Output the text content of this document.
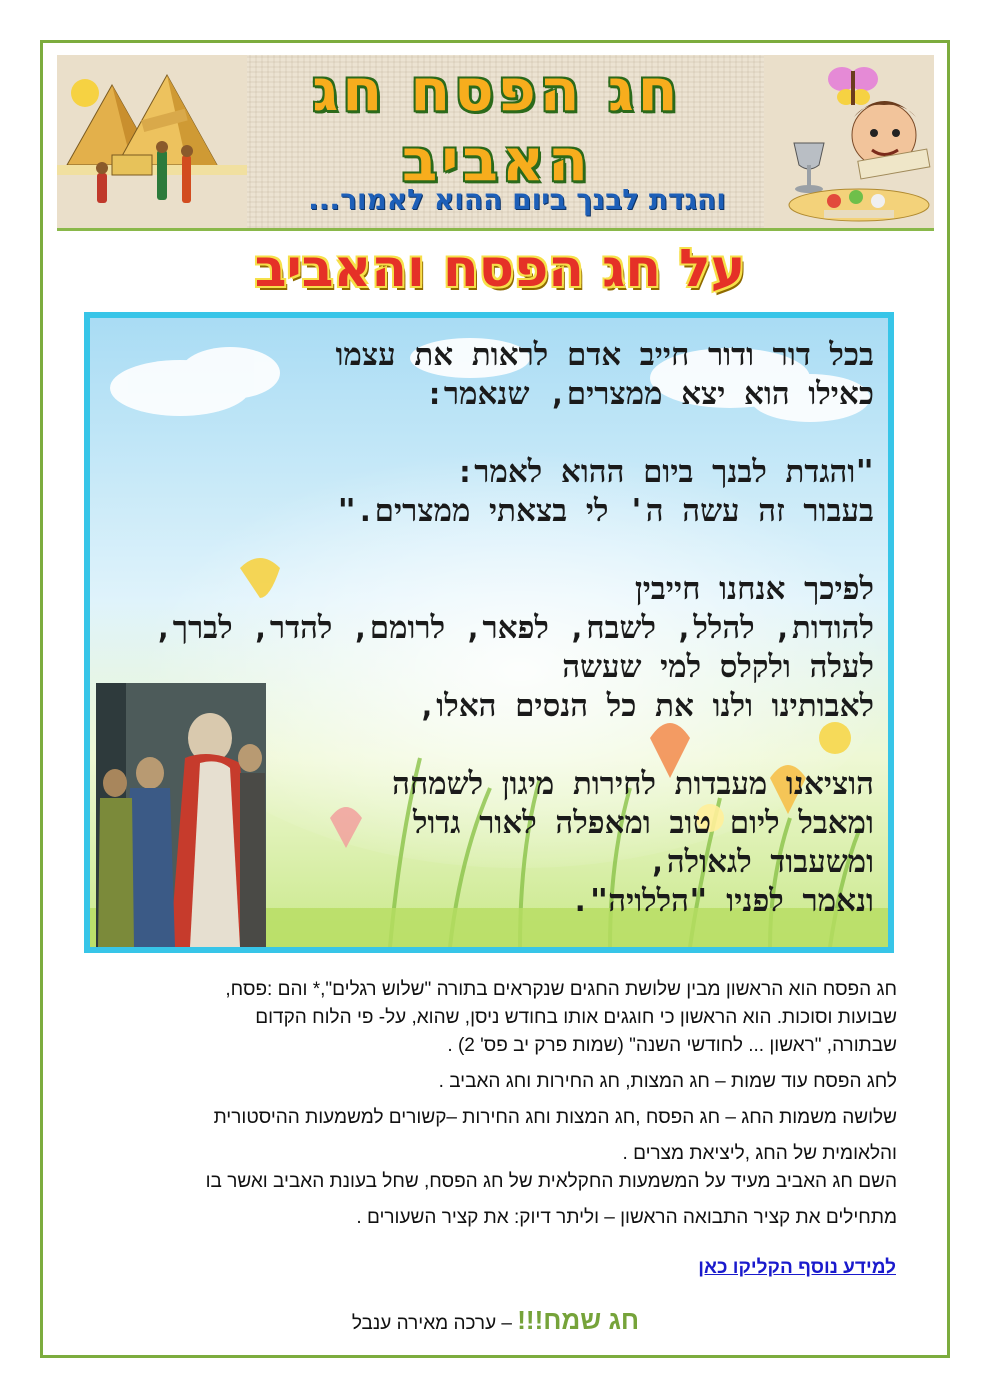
חג הפסח חג האביב
והגדת לבנך ביום ההוא לאמור...
על חג הפסח והאביב
בכל דור ודור חייב אדם לראות את עצמו
כאילו הוא יצא ממצרים, שנאמר:
"והגדת לבנך ביום ההוא לאמר:
בעבור זה עשה ה' לי בצאתי ממצרים."
לפיכך אנחנו חייבין
להודות, להלל, לשבח, לפאר, לרומם, להדר, לברך,
לעלה ולקלס למי שעשה
לאבותינו ולנו את כל הנסים האלו,
הוציאנו מעבדות לחירות מיגון לשמחה
ומאבל ליום טוב ומאפלה לאור גדול
ומשעבוד לגאולה,
ונאמר לפניו "הללויה".
חג הפסח הוא הראשון מבין שלושת החגים שנקראים בתורה "שלוש רגלים",* והם :פסח,
שבועות וסוכות. הוא הראשון כי חוגגים אותו בחודש ניסן, שהוא, על- פי הלוח הקדום
שבתורה, "ראשון ... לחודשי השנה" (שמות פרק יב פס' 2) .
לחג הפסח עוד שמות – חג המצות, חג החירות וחג האביב .
שלושה משמות החג – חג הפסח ,חג המצות וחג החירות –קשורים למשמעות ההיסטורית
והלאומית של החג ,ליציאת מצרים .
השם חג האביב מעיד על המשמעות החקלאית של חג הפסח, שחל בעונת האביב ואשר בו
מתחילים את קציר התבואה הראשון – וליתר דיוק: את קציר השעורים .
למידע נוסף הקליקו כאן
חג שמח!!! – ערכה מאירה ענבל
